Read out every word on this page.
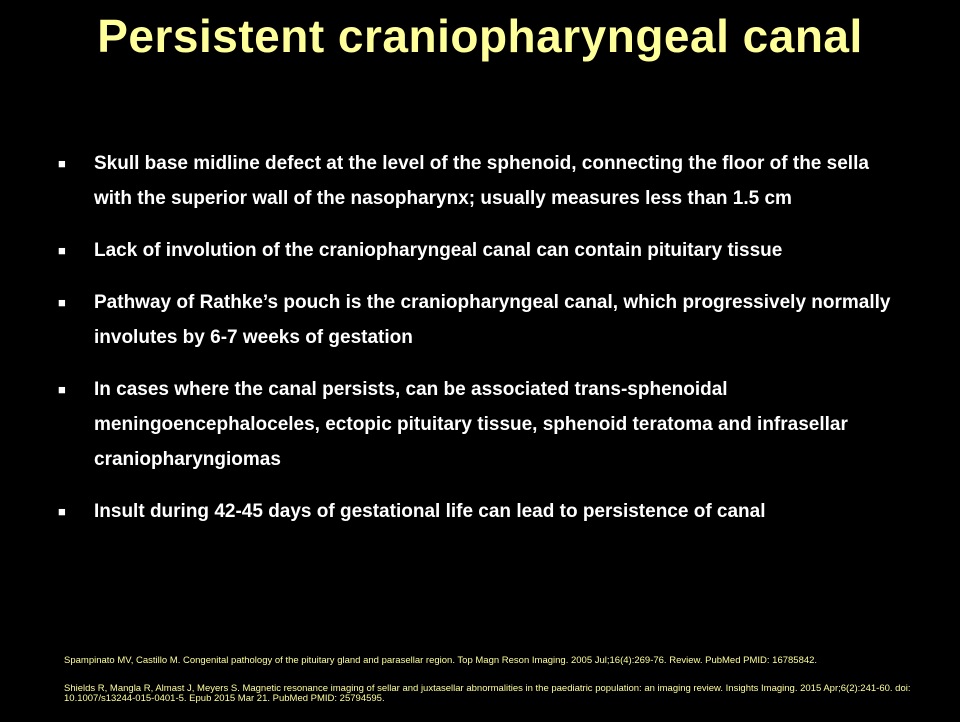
Persistent craniopharyngeal canal
■	Skull base midline defect at the level of the sphenoid, connecting the floor of the sella with the superior wall of the nasopharynx; usually measures less than 1.5 cm
■	Lack of involution of the craniopharyngeal canal can contain pituitary tissue
■	Pathway of Rathke’s pouch is the craniopharyngeal canal, which progressively normally involutes by 6-7 weeks of gestation
■	In cases where the canal persists, can be associated trans-sphenoidal meningoencephaloceles, ectopic pituitary tissue, sphenoid teratoma and infrasellar craniopharyngiomas
■	Insult during 42-45 days of gestational life can lead to persistence of canal

Spampinato MV, Castillo M. Congenital pathology of the pituitary gland and parasellar region. Top Magn Reson Imaging. 2005 Jul;16(4):269-76. Review. PubMed PMID: 16785842.

Shields R, Mangla R, Almast J, Meyers S. Magnetic resonance imaging of sellar and juxtasellar abnormalities in the paediatric population: an imaging review. Insights Imaging. 2015 Apr;6(2):241-60. doi: 10.1007/s13244-015-0401-5. Epub 2015 Mar 21. PubMed PMID: 25794595.
